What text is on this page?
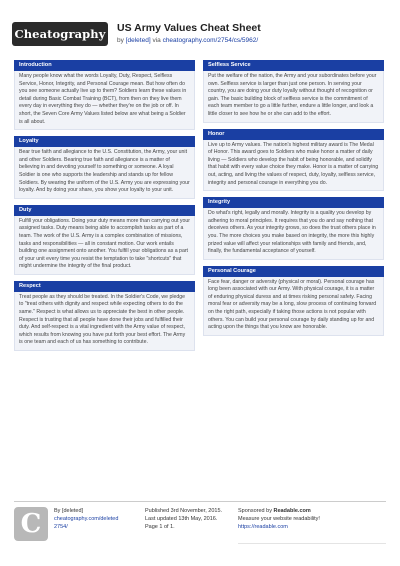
Cheatography US Army Values Cheat Sheet
by [deleted] via cheatography.com/2754/cs/5962/
Introduction
Many people know what the words Loyalty, Duty, Respect, Selfless Service, Honor, Integrity, and Personal Courage mean. But how often do you see someone actually live up to them? Soldiers learn these values in detail during Basic Combat Training (BCT), from then on they live them every day in everything they do — whether they're on the job or off. In short, the Seven Core Army Values listed below are what being a Soldier is all about.
Loyalty
Bear true faith and allegiance to the U.S. Constitution, the Army, your unit and other Soldiers. Bearing true faith and allegiance is a matter of believing in and devoting yourself to something or someone. A loyal Soldier is one who supports the leadership and stands up for fellow Soldiers. By wearing the uniform of the U.S. Army you are expressing your loyalty. And by doing your share, you show your loyalty to your unit.
Duty
Fulfill your obligations. Doing your duty means more than carrying out your assigned tasks. Duty means being able to accomplish tasks as part of a team. The work of the U.S. Army is a complex combination of missions, tasks and responsibilities — all in constant motion. Our work entails building one assignment onto another. You fulfill your obligations as a part of your unit every time you resist the temptation to take "shortcuts" that might undermine the integrity of the final product.
Respect
Treat people as they should be treated. In the Soldier's Code, we pledge to "treat others with dignity and respect while expecting others to do the same." Respect is what allows us to appreciate the best in other people. Respect is trusting that all people have done their jobs and fulfilled their duty. And self-respect is a vital ingredient with the Army value of respect, which results from knowing you have put forth your best effort. The Army is one team and each of us has something to contribute.
Selfless Service
Put the welfare of the nation, the Army and your subordinates before your own. Selfless service is larger than just one person. In serving your country, you are doing your duty loyally without thought of recognition or gain. The basic building block of selfless service is the commitment of each team member to go a little further, endure a little longer, and look a little closer to see how he or she can add to the effort.
Honor
Live up to Army values. The nation's highest military award is The Medal of Honor. This award goes to Soldiers who make honor a matter of daily living — Soldiers who develop the habit of being honorable, and solidify that habit with every value choice they make. Honor is a matter of carrying out, acting, and living the values of respect, duty, loyalty, selfless service, integrity and personal courage in everything you do.
Integrity
Do what's right, legally and morally. Integrity is a quality you develop by adhering to moral principles. It requires that you do and say nothing that deceives others. As your integrity grows, so does the trust others place in you. The more choices you make based on integrity, the more this highly prized value will affect your relationships with family and friends, and, finally, the fundamental acceptance of yourself.
Personal Courage
Face fear, danger or adversity (physical or moral). Personal courage has long been associated with our Army. With physical courage, it is a matter of enduring physical duress and at times risking personal safety. Facing moral fear or adversity may be a long, slow process of continuing forward on the right path, especially if taking those actions is not popular with others. You can build your personal courage by daily standing up for and acting upon the things that you know are honorable.
C	By [deleted]
cheatography.com/deleted
2754/
Published 3rd November, 2015.
Last updated 13th May, 2016.
Page 1 of 1.
Sponsored by Readable.com
Measure your website readability!
https://readable.com
